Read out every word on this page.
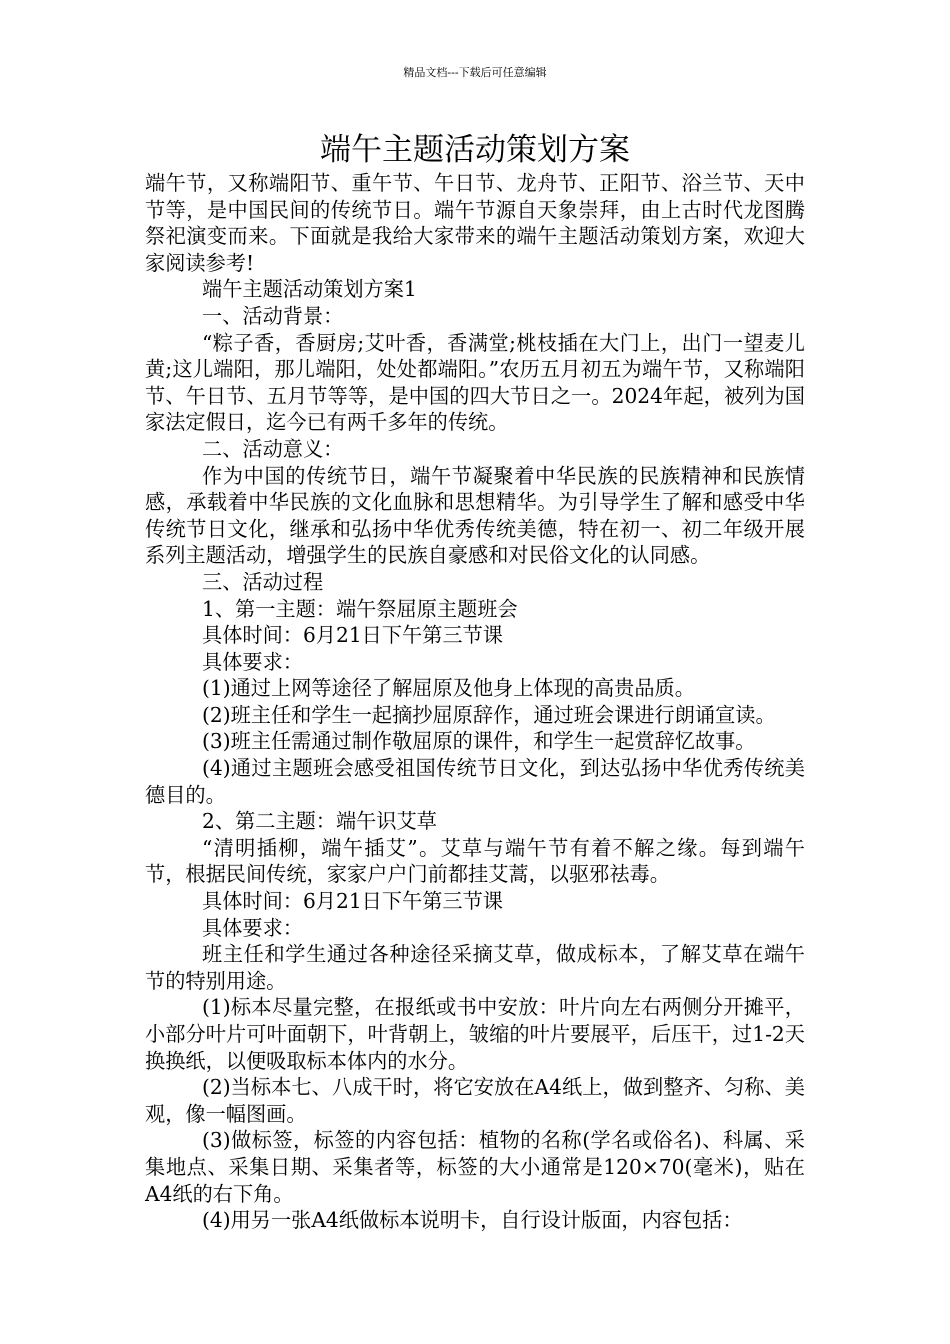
精品文档---下载后可任意编辑
端午主题活动策划方案

端午节，又称端阳节、重午节、午日节、龙舟节、正阳节、浴兰节、天中节等，是中国民间的传统节日。端午节源自天象崇拜，由上古时代龙图腾祭祀演变而来。下面就是我给大家带来的端午主题活动策划方案，欢迎大家阅读参考!

端午主题活动策划方案1

一、活动背景：

“粽子香，香厨房;艾叶香，香满堂;桃枝插在大门上，出门一望麦儿黄;这儿端阳，那儿端阳，处处都端阳。”农历五月初五为端午节，又称端阳节、午日节、五月节等等，是中国的四大节日之一。2024年起，被列为国家法定假日，迄今已有两千多年的传统。

二、活动意义：

作为中国的传统节日，端午节凝聚着中华民族的民族精神和民族情感，承载着中华民族的文化血脉和思想精华。为引导学生了解和感受中华传统节日文化，继承和弘扬中华优秀传统美德，特在初一、初二年级开展系列主题活动，增强学生的民族自豪感和对民俗文化的认同感。

三、活动过程

1、第一主题：端午祭屈原主题班会

具体时间：6月21日下午第三节课

具体要求：

(1)通过上网等途径了解屈原及他身上体现的高贵品质。

(2)班主任和学生一起摘抄屈原辞作，通过班会课进行朗诵宣读。

(3)班主任需通过制作敬屈原的课件，和学生一起赏辞忆故事。

(4)通过主题班会感受祖国传统节日文化，到达弘扬中华优秀传统美德目的。

2、第二主题：端午识艾草

“清明插柳，端午插艾”。艾草与端午节有着不解之缘。每到端午节，根据民间传统，家家户户门前都挂艾蒿，以驱邪祛毒。

具体时间：6月21日下午第三节课

具体要求：

班主任和学生通过各种途径采摘艾草，做成标本，了解艾草在端午节的特别用途。

(1)标本尽量完整，在报纸或书中安放：叶片向左右两侧分开摊平，小部分叶片可叶面朝下，叶背朝上，皱缩的叶片要展平，后压干，过1-2天换换纸，以便吸取标本体内的水分。

(2)当标本七、八成干时，将它安放在A4纸上，做到整齐、匀称、美观，像一幅图画。

(3)做标签，标签的内容包括：植物的名称(学名或俗名)、科属、采集地点、采集日期、采集者等，标签的大小通常是120×70(毫米)，贴在A4纸的右下角。

(4)用另一张A4纸做标本说明卡，自行设计版面，内容包括：
